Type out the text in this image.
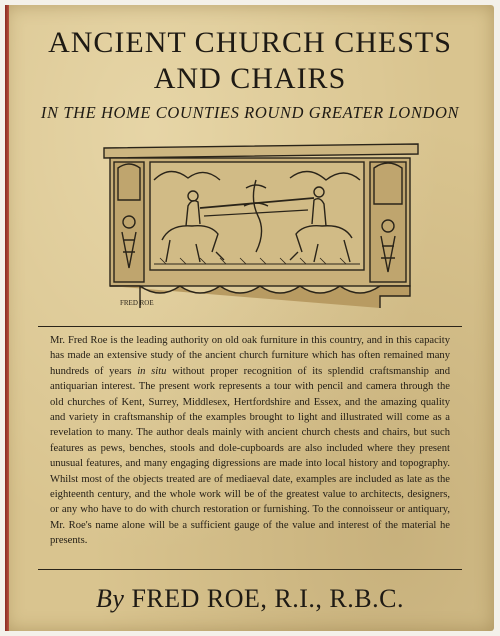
ANCIENT CHURCH CHESTS
AND CHAIRS
IN THE HOME COUNTIES ROUND GREATER LONDON
FRED ROE

Mr. Fred Roe is the leading authority on old oak furniture in this country, and in this capacity has made an extensive study of the ancient church furniture which has often remained many hundreds of years in situ without proper recognition of its splendid craftsmanship and antiquarian interest. The present work represents a tour with pencil and camera through the old churches of Kent, Surrey, Middlesex, Hertfordshire and Essex, and the amazing quality and variety in craftsmanship of the examples brought to light and illustrated will come as a revelation to many. The author deals mainly with ancient church chests and chairs, but such features as pews, benches, stools and dole-cupboards are also included where they present unusual features, and many engaging digressions are made into local history and topography. Whilst most of the objects treated are of mediaeval date, examples are included as late as the eighteenth century, and the whole work will be of the greatest value to architects, designers, or any who have to do with church restoration or furnishing. To the connoisseur or antiquary, Mr. Roe's name alone will be a sufficient gauge of the value and interest of the material he presents.

By FRED ROE, R.I., R.B.C.
